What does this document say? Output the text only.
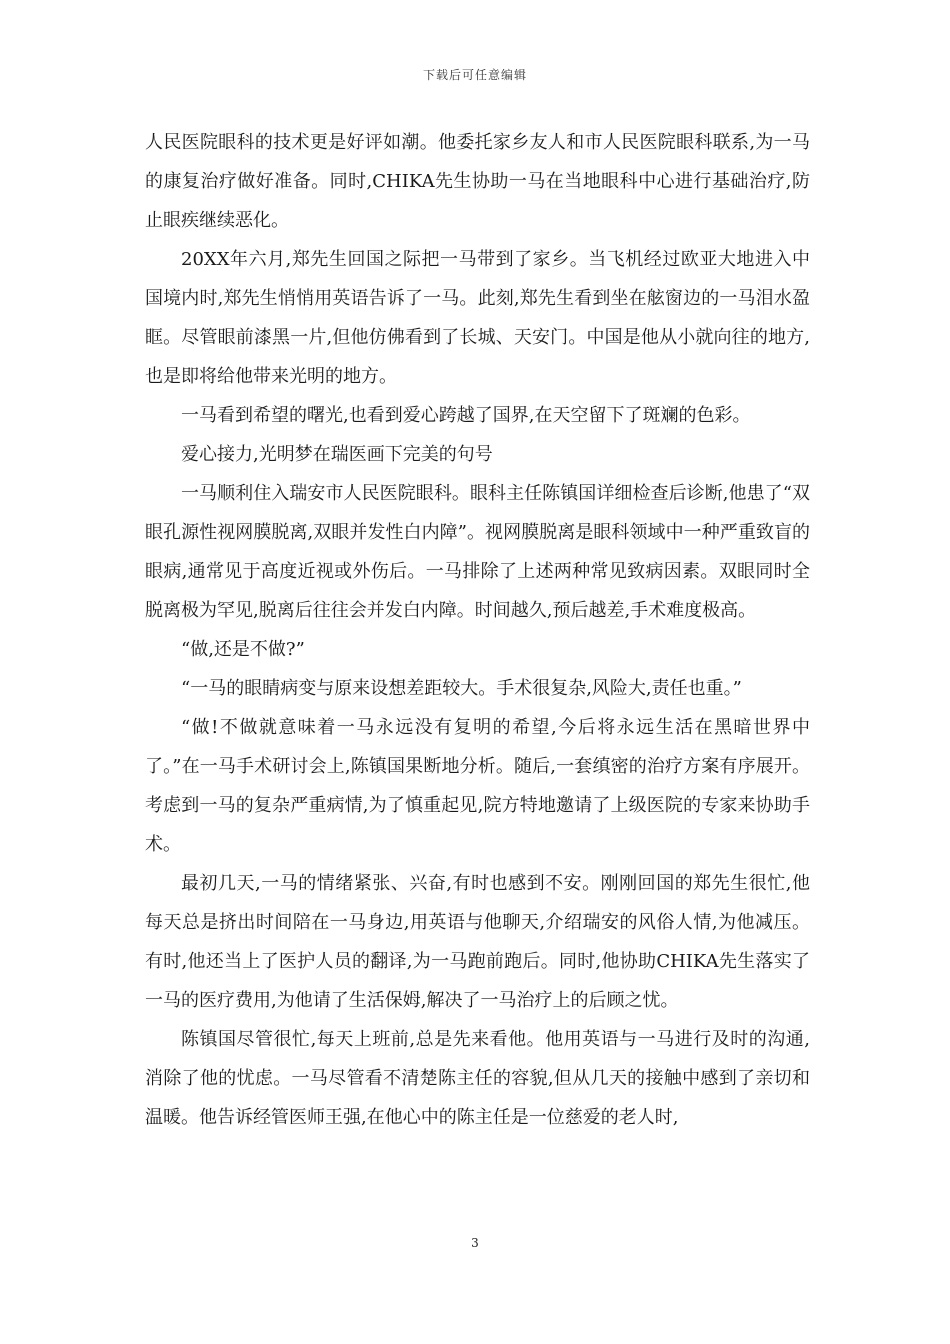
下载后可任意编辑

人民医院眼科的技术更是好评如潮。他委托家乡友人和市人民医院眼科联系,为一马的康复治疗做好准备。同时,CHIKA先生协助一马在当地眼科中心进行基础治疗,防止眼疾继续恶化。

20XX年六月,郑先生回国之际把一马带到了家乡。当飞机经过欧亚大地进入中国境内时,郑先生悄悄用英语告诉了一马。此刻,郑先生看到坐在舷窗边的一马泪水盈眶。尽管眼前漆黑一片,但他仿佛看到了长城、天安门。中国是他从小就向往的地方,也是即将给他带来光明的地方。

一马看到希望的曙光,也看到爱心跨越了国界,在天空留下了斑斓的色彩。

爱心接力,光明梦在瑞医画下完美的句号

一马顺利住入瑞安市人民医院眼科。眼科主任陈镇国详细检查后诊断,他患了“双眼孔源性视网膜脱离,双眼并发性白内障”。视网膜脱离是眼科领域中一种严重致盲的眼病,通常见于高度近视或外伤后。一马排除了上述两种常见致病因素。双眼同时全脱离极为罕见,脱离后往往会并发白内障。时间越久,预后越差,手术难度极高。

“做,还是不做?”

“一马的眼睛病变与原来设想差距较大。手术很复杂,风险大,责任也重。”

“做!不做就意味着一马永远没有复明的希望,今后将永远生活在黑暗世界中了。”在一马手术研讨会上,陈镇国果断地分析。随后,一套缜密的治疗方案有序展开。考虑到一马的复杂严重病情,为了慎重起见,院方特地邀请了上级医院的专家来协助手术。

最初几天,一马的情绪紧张、兴奋,有时也感到不安。刚刚回国的郑先生很忙,他每天总是挤出时间陪在一马身边,用英语与他聊天,介绍瑞安的风俗人情,为他减压。有时,他还当上了医护人员的翻译,为一马跑前跑后。同时,他协助CHIKA先生落实了一马的医疗费用,为他请了生活保姆,解决了一马治疗上的后顾之忧。

陈镇国尽管很忙,每天上班前,总是先来看他。他用英语与一马进行及时的沟通,消除了他的忧虑。一马尽管看不清楚陈主任的容貌,但从几天的接触中感到了亲切和温暖。他告诉经管医师王强,在他心中的陈主任是一位慈爱的老人时,

3
